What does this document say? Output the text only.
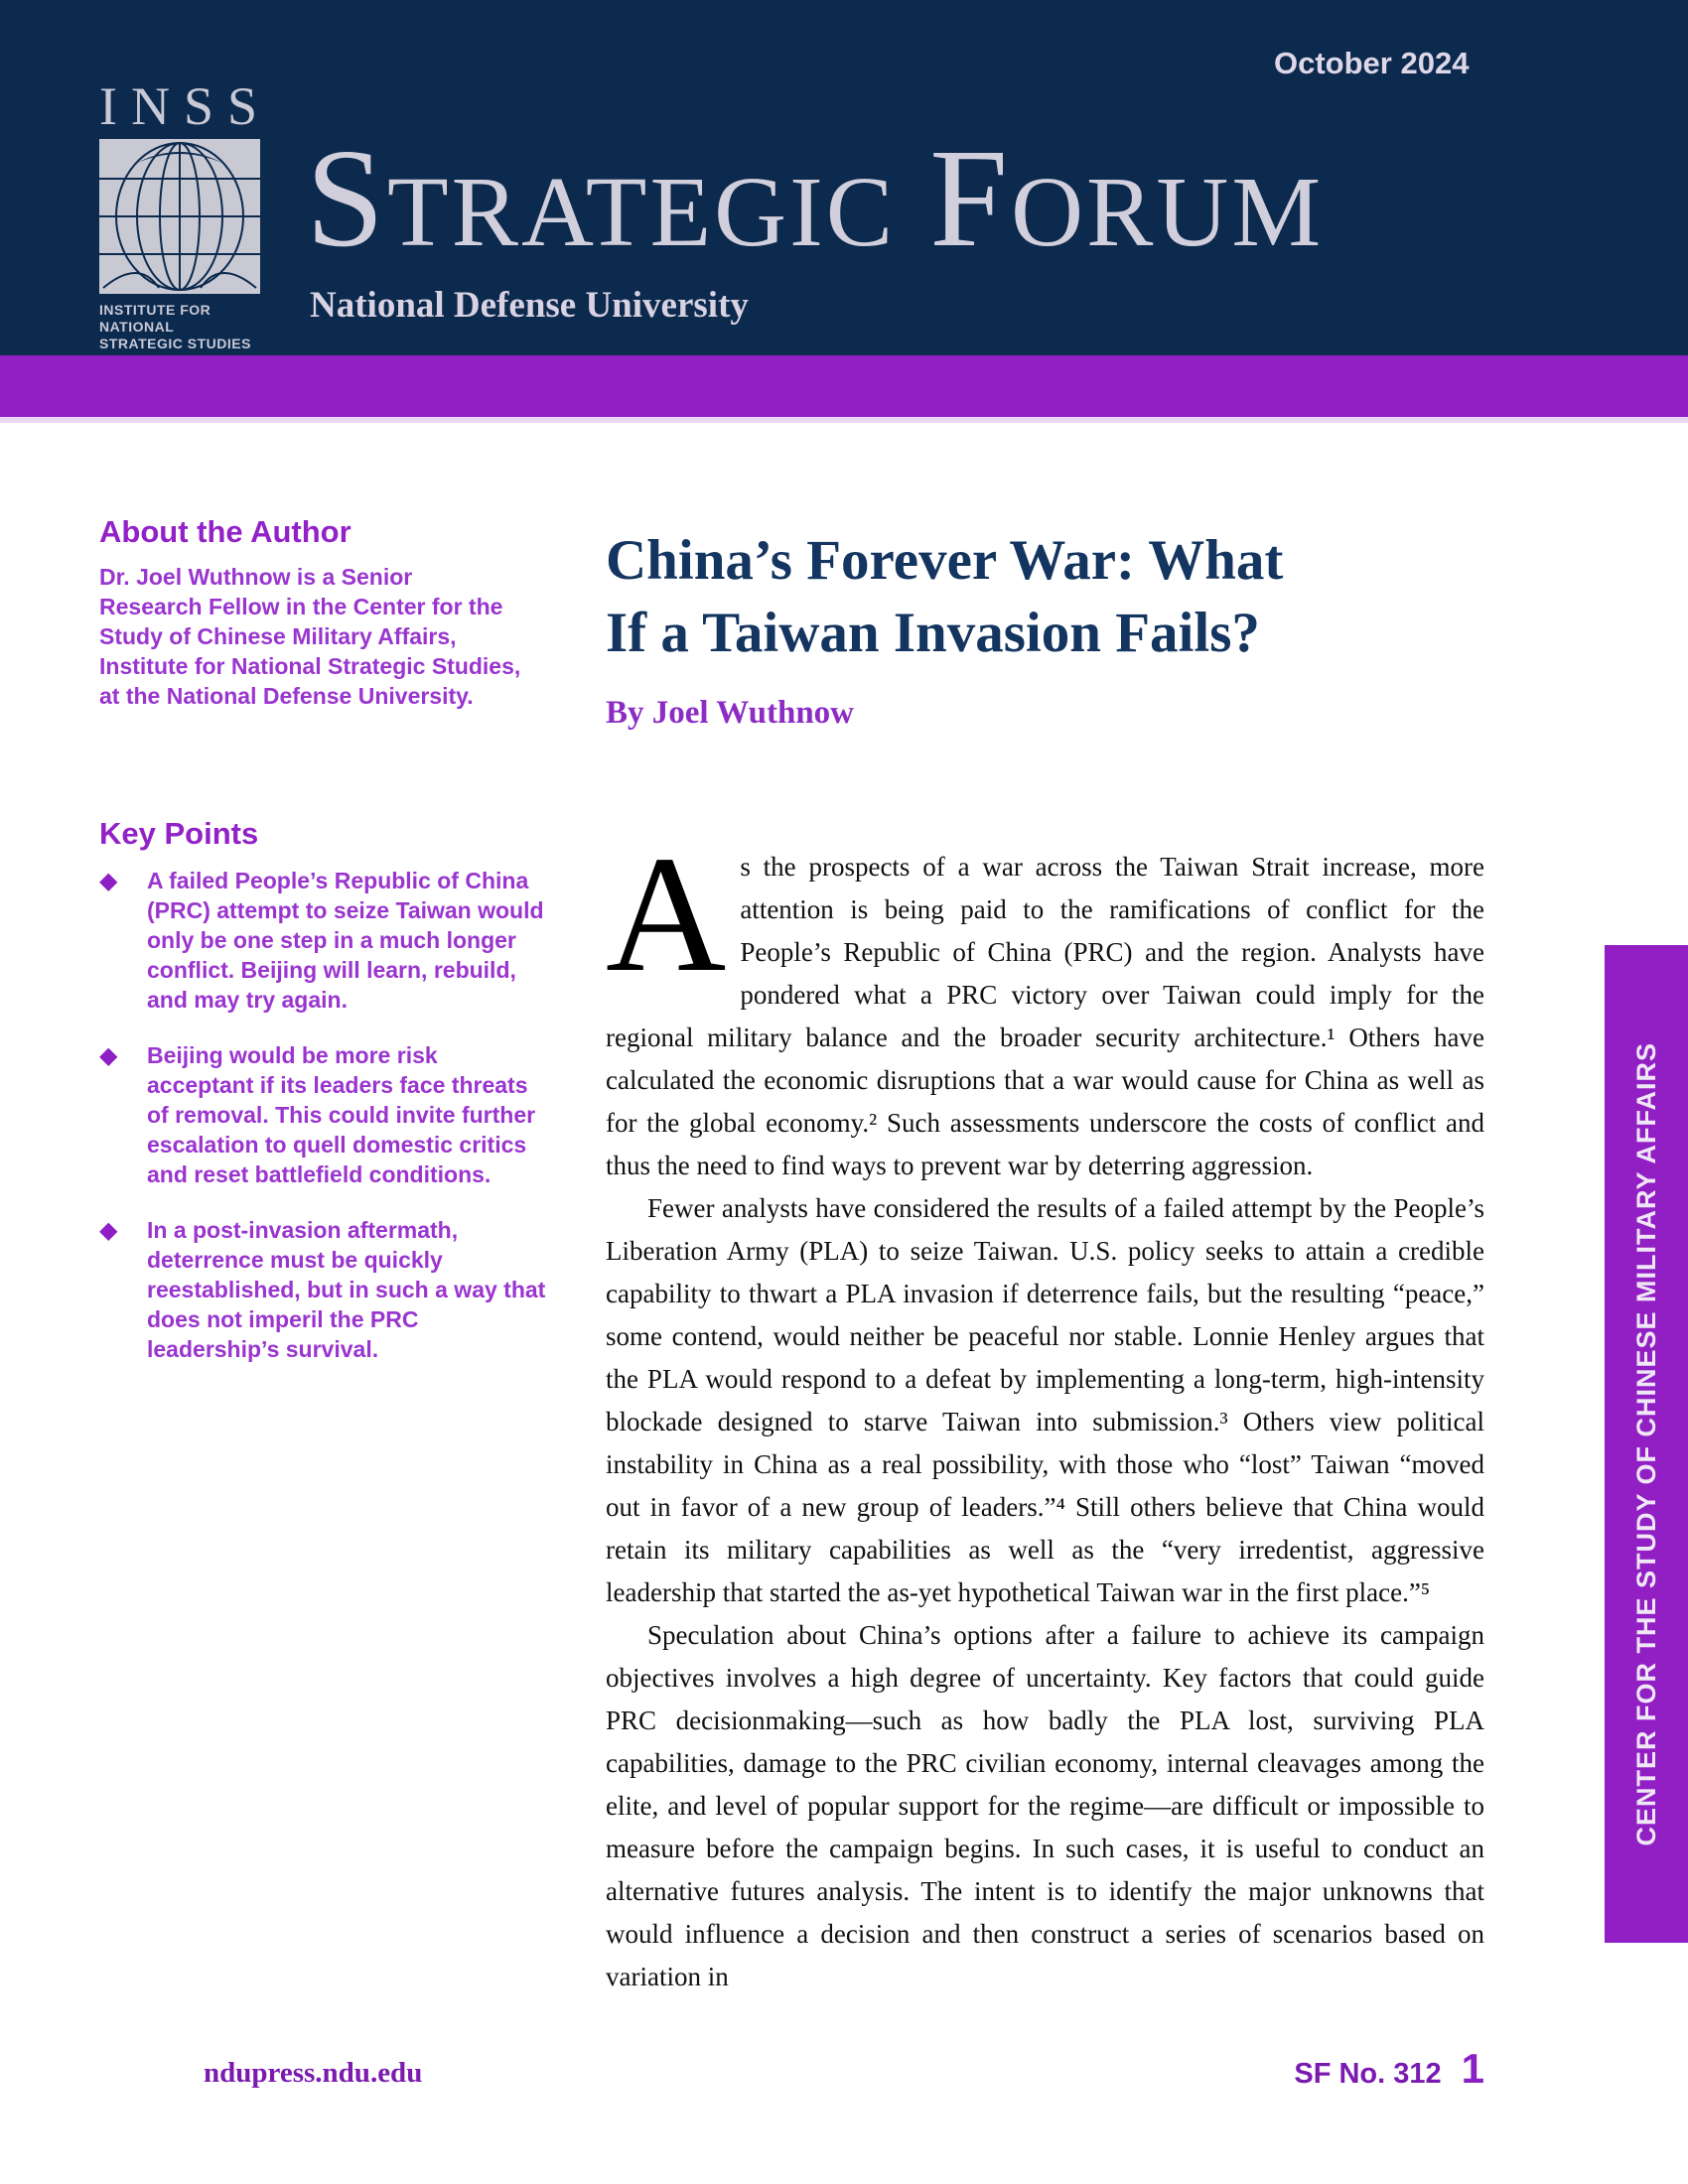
INSS
INSTITUTE FOR NATIONAL
STRATEGIC STUDIES
S TRATEGIC F ORUM
National Defense University
October 2024
About the Author
Dr. Joel Wuthnow is a Senior Research Fellow in the Center for the Study of Chinese Military Affairs, Institute for National Strategic Studies, at the National Defense University.
Key Points
◆	A failed People’s Republic of China (PRC) attempt to seize Taiwan would only be one step in a much longer conflict. Beijing will learn, rebuild, and may try again.
◆	Beijing would be more risk acceptant if its leaders face threats of removal. This could invite further escalation to quell domestic critics and reset battlefield conditions.
◆	In a post-invasion aftermath, deterrence must be quickly reestablished, but in such a way that does not imperil the PRC leadership’s survival.
China’s Forever War: What
If a Taiwan Invasion Fails?
By Joel Wuthnow

As the prospects of a war across the Taiwan Strait increase, more attention is being paid to the ramifications of conflict for the People’s Republic of China (PRC) and the region. Analysts have pondered what a PRC victory over Taiwan could imply for the regional military balance and the broader security architecture.¹ Others have calculated the economic disruptions that a war would cause for China as well as for the global economy.² Such assessments underscore the costs of conflict and thus the need to find ways to prevent war by deterring aggression.

Fewer analysts have considered the results of a failed attempt by the People’s Liberation Army (PLA) to seize Taiwan. U.S. policy seeks to attain a credible capability to thwart a PLA invasion if deterrence fails, but the resulting “peace,” some contend, would neither be peaceful nor stable. Lonnie Henley argues that the PLA would respond to a defeat by implementing a long-term, high-intensity blockade designed to starve Taiwan into submission.³ Others view political instability in China as a real possibility, with those who “lost” Taiwan “moved out in favor of a new group of leaders.”⁴ Still others believe that China would retain its military capabilities as well as the “very irredentist, aggressive leadership that started the as-yet hypothetical Taiwan war in the first place.”⁵

Speculation about China’s options after a failure to achieve its campaign objectives involves a high degree of uncertainty. Key factors that could guide PRC decisionmaking—such as how badly the PLA lost, surviving PLA capabilities, damage to the PRC civilian economy, internal cleavages among the elite, and level of popular support for the regime—are difficult or impossible to measure before the campaign begins. In such cases, it is useful to conduct an alternative futures analysis. The intent is to identify the major unknowns that would influence a decision and then construct a series of scenarios based on variation in

CENTER FOR THE STUDY OF CHINESE MILITARY AFFAIRS
ndupress.ndu.edu	SF No. 312 1
